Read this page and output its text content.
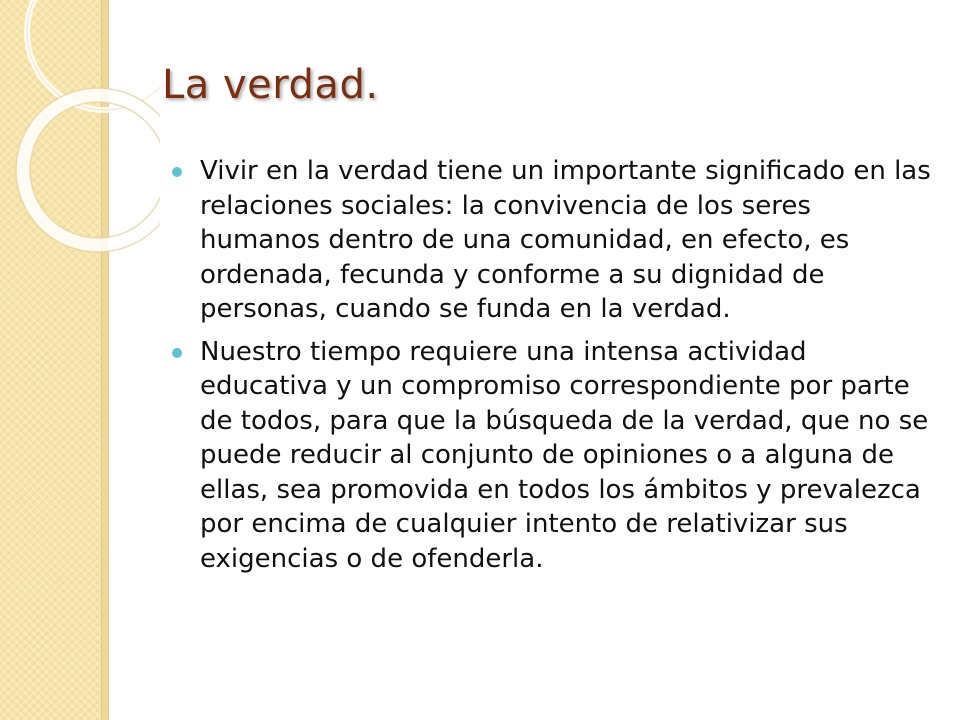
La verdad.
Vivir en la verdad tiene un importante significado en las relaciones sociales: la convivencia de los seres humanos dentro de una comunidad, en efecto, es ordenada, fecunda y conforme a su dignidad de personas, cuando se funda en la verdad.
Nuestro tiempo requiere una intensa actividad educativa y un compromiso correspondiente por parte de todos, para que la búsqueda de la verdad, que no se puede reducir al conjunto de opiniones o a alguna de ellas, sea promovida en todos los ámbitos y prevalezca por encima de cualquier intento de relativizar sus exigencias o de ofenderla.
